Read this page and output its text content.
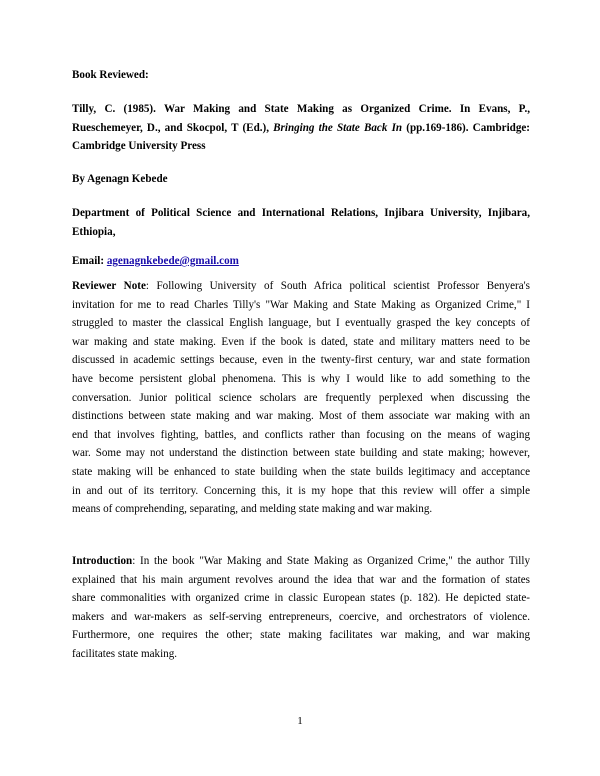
Book Reviewed:
Tilly, C. (1985). War Making and State Making as Organized Crime. In Evans, P., Rueschemeyer, D., and Skocpol, T (Ed.), Bringing the State Back In (pp.169-186). Cambridge: Cambridge University Press
By Agenagn Kebede
Department of Political Science and International Relations, Injibara University, Injibara, Ethiopia,
Email: agenagnkebede@gmail.com
Reviewer Note: Following University of South Africa political scientist Professor Benyera's
invitation for me to read Charles Tilly's "War Making and State Making as Organized Crime," I
struggled to master the classical English language, but I eventually grasped the key concepts of
war making and state making. Even if the book is dated, state and military matters need to be
discussed in academic settings because, even in the twenty-first century, war and state formation
have become persistent global phenomena. This is why I would like to add something to the
conversation. Junior political science scholars are frequently perplexed when discussing the
distinctions between state making and war making. Most of them associate war making with an
end that involves fighting, battles, and conflicts rather than focusing on the means of waging
war. Some may not understand the distinction between state building and state making; however,
state making will be enhanced to state building when the state builds legitimacy and acceptance
in and out of its territory. Concerning this, it is my hope that this review will offer a simple
means of comprehending, separating, and melding state making and war making.
Introduction: In the book "War Making and State Making as Organized Crime," the author Tilly
explained that his main argument revolves around the idea that war and the formation of states
share commonalities with organized crime in classic European states (p. 182). He depicted state-
makers and war-makers as self-serving entrepreneurs, coercive, and orchestrators of violence.
Furthermore, one requires the other; state making facilitates war making, and war making
facilitates state making.
1
